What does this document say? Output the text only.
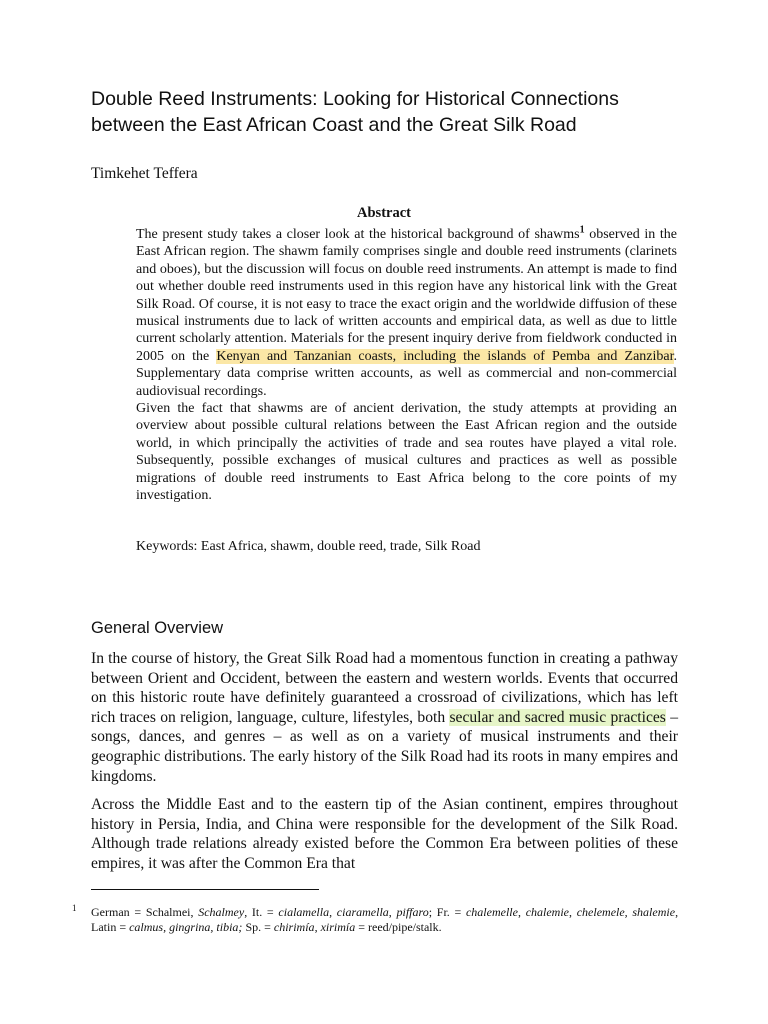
Double Reed Instruments: Looking for Historical Connections between the East African Coast and the Great Silk Road
Timkehet Teffera
Abstract

The present study takes a closer look at the historical background of shawms$^1$ observed in the East African region. The shawm family comprises single and double reed instruments (clarinets and oboes), but the discussion will focus on double reed instruments. An attempt is made to find out whether double reed instruments used in this region have any historical link with the Great Silk Road. Of course, it is not easy to trace the exact origin and the worldwide diffusion of these musical instruments due to lack of written accounts and empirical data, as well as due to little current scholarly attention. Materials for the present inquiry derive from fieldwork conducted in 2005 on the Kenyan and Tanzanian coasts, including the islands of Pemba and Zanzibar. Supplementary data comprise written accounts, as well as commercial and non-commercial audiovisual recordings.

Given the fact that shawms are of ancient derivation, the study attempts at providing an overview about possible cultural relations between the East African region and the outside world, in which principally the activities of trade and sea routes have played a vital role. Subsequently, possible exchanges of musical cultures and practices as well as possible migrations of double reed instruments to East Africa belong to the core points of my investigation.

Keywords: East Africa, shawm, double reed, trade, Silk Road
General Overview

In the course of history, the Great Silk Road had a momentous function in creating a pathway between Orient and Occident, between the eastern and western worlds. Events that occurred on this historic route have definitely guaranteed a crossroad of civilizations, which has left rich traces on religion, language, culture, lifestyles, both secular and sacred music practices – songs, dances, and genres – as well as on a variety of musical instruments and their geographic distributions. The early history of the Silk Road had its roots in many empires and kingdoms.

Across the Middle East and to the eastern tip of the Asian continent, empires throughout history in Persia, India, and China were responsible for the development of the Silk Road. Although trade relations already existed before the Common Era between polities of these empires, it was after the Common Era that

1 German = Schalmei, Schalmey, It. = cialamella, ciaramella, piffaro; Fr. = chalemelle, chalemie, chelemele, shalemie, Latin = calmus, gingrina, tibia; Sp. = chirimía, xirimía = reed/pipe/stalk.
